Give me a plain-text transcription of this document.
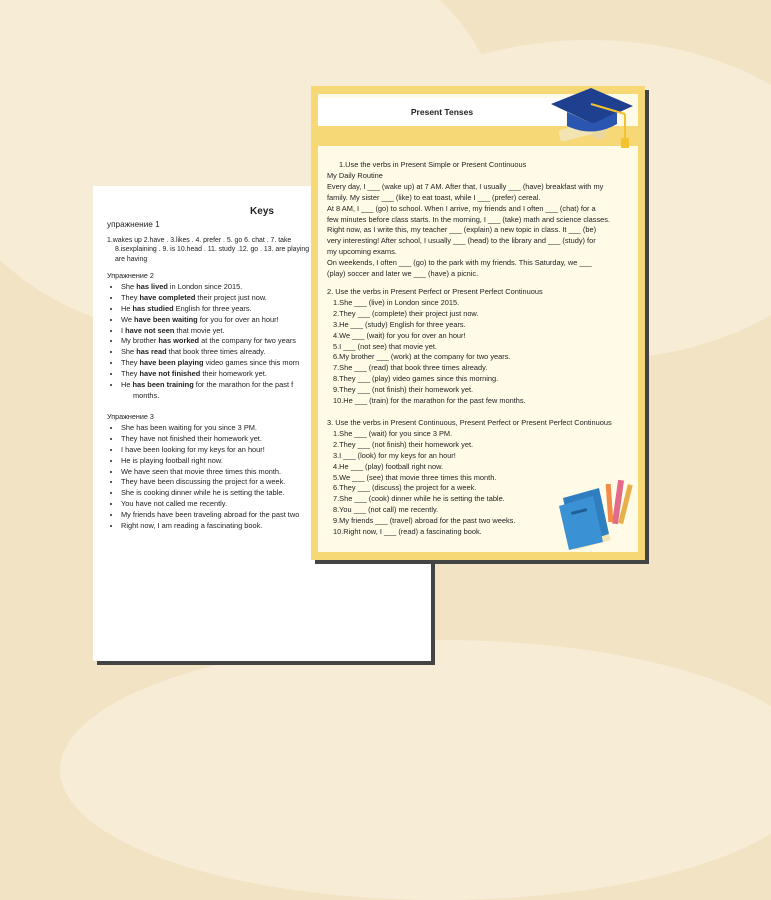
Keys
упражнение 1
1.wakes up 2.have . 3.likes . 4. prefer . 5. go 6. chat . 7. take
8.isexplaining . 9. is 10.head . 11. study .12. go . 13. are playing
are having
Упражнение 2
• She has lived in London since 2015.
• They have completed their project just now.
• He has studied English for three years.
• We have been waiting for you for over an hour!
• I have not seen that movie yet.
• My brother has worked at the company for two years
• She has read that book three times already.
• They have been playing video games since this morn
• They have not finished their homework yet.
• He has been training for the marathon for the past f
months.
Упражнение 3
• She has been waiting for you since 3 PM.
• They have not finished their homework yet.
• I have been looking for my keys for an hour!
• He is playing football right now.
• We have seen that movie three times this month.
• They have been discussing the project for a week.
• She is cooking dinner while he is setting the table.
• You have not called me recently.
• My friends have been traveling abroad for the past two
• Right now, I am reading a fascinating book.
Present Tenses

1.Use the verbs in Present Simple or Present Continuous

My Daily Routine

Every day, I ___ (wake up) at 7 AM. After that, I usually ___ (have) breakfast with my

family. My sister ___ (like) to eat toast, while I ___ (prefer) cereal.

At 8 AM, I ___ (go) to school. When I arrive, my friends and I often ___ (chat) for a

few minutes before class starts. In the morning, I ___ (take) math and science classes.

Right now, as I write this, my teacher ___ (explain) a new topic in class. It ___ (be)

very interesting! After school, I usually ___ (head) to the library and ___ (study) for

my upcoming exams.

On weekends, I often ___ (go) to the park with my friends. This Saturday, we ___

(play) soccer and later we ___ (have) a picnic.

2. Use the verbs in Present Perfect or Present Perfect Continuous

1.She ___ (live) in London since 2015.

2.They ___ (complete) their project just now.

3.He ___ (study) English for three years.

4.We ___ (wait) for you for over an hour!

5.I ___ (not see) that movie yet.

6.My brother ___ (work) at the company for two years.

7.She ___ (read) that book three times already.

8.They ___ (play) video games since this morning.

9.They ___ (not finish) their homework yet.

10.He ___ (train) for the marathon for the past few months.

3. Use the verbs in Present Continuous, Present Perfect or Present Perfect Continuous

1.She ___ (wait) for you since 3 PM.

2.They ___ (not finish) their homework yet.

3.I ___ (look) for my keys for an hour!

4.He ___ (play) football right now.

5.We ___ (see) that movie three times this month.

6.They ___ (discuss) the project for a week.

7.She ___ (cook) dinner while he is setting the table.

8.You ___ (not call) me recently.

9.My friends ___ (travel) abroad for the past two weeks.

10.Right now, I ___ (read) a fascinating book.
